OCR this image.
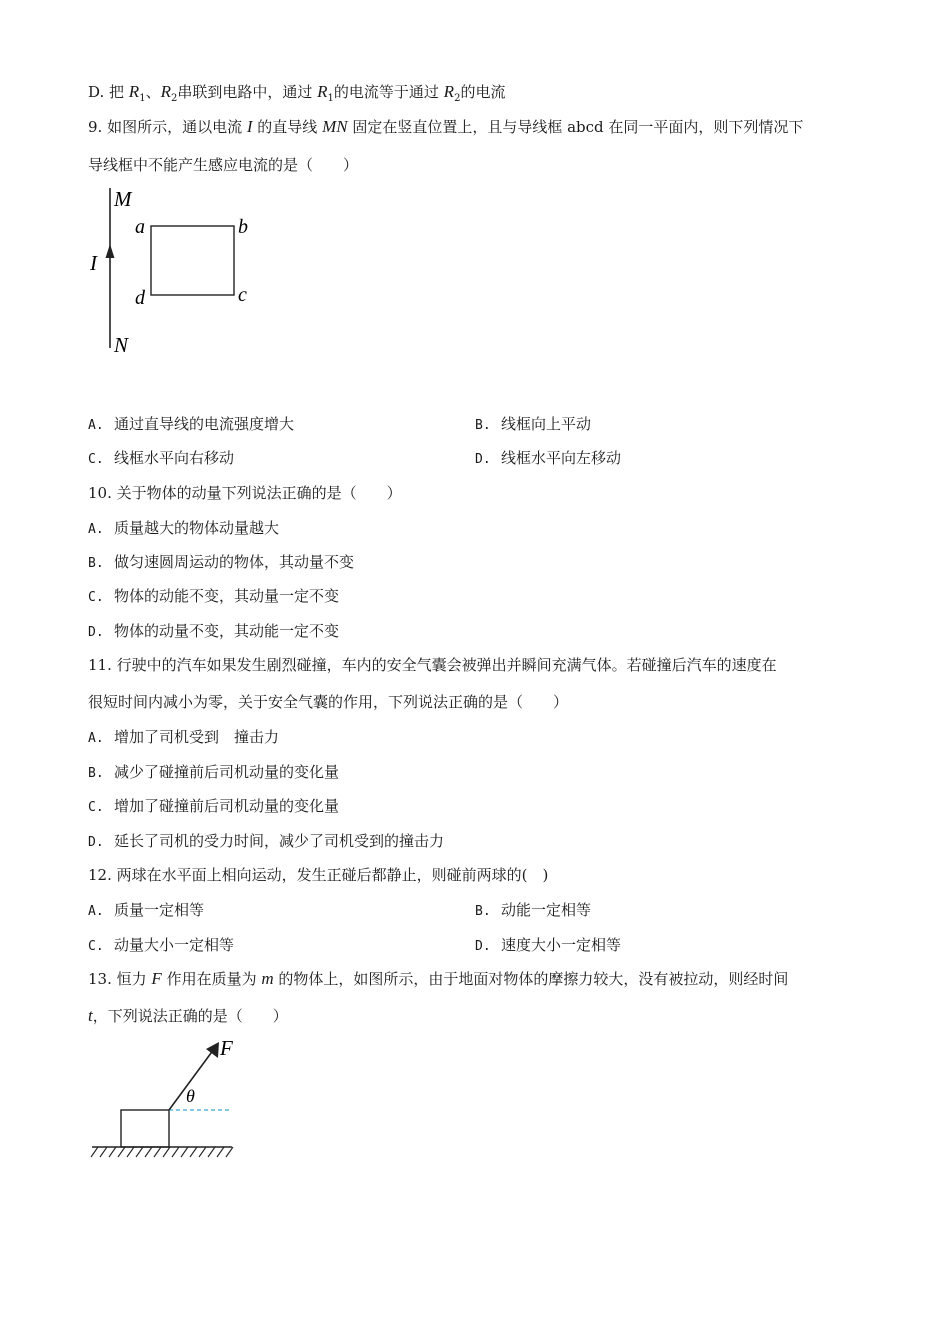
D. 把 $R_1$、$R_2$串联到电路中，通过 $R_1$的电流等于通过 $R_2$的电流
9. 如图所示，通以电流 I 的直导线 MN 固定在竖直位置上，且与导线框 abcd 在同一平面内，则下列情况下
导线框中不能产生感应电流的是（　　）
M
N
I
a	b
c
d
A. 通过直导线的电流强度增大	B. 线框向上平动
C. 线框水平向右移动	D. 线框水平向左移动
10. 关于物体的动量下列说法正确的是（　　）
A. 质量越大的物体动量越大
B. 做匀速圆周运动的物体，其动量不变
C. 物体的动能不变，其动量一定不变
D. 物体的动量不变，其动能一定不变
11. 行驶中的汽车如果发生剧烈碰撞，车内的安全气囊会被弹出并瞬间充满气体。若碰撞后汽车的速度在
很短时间内减小为零，关于安全气囊的作用，下列说法正确的是（　　）
A. 增加了司机受到　撞击力
B. 减少了碰撞前后司机动量的变化量
C. 增加了碰撞前后司机动量的变化量
D. 延长了司机的受力时间，减少了司机受到的撞击力
12. 两球在水平面上相向运动，发生正碰后都静止，则碰前两球的(　)
A. 质量一定相等	B. 动能一定相等
C. 动量大小一定相等	D. 速度大小一定相等
13. 恒力 F 作用在质量为 m 的物体上，如图所示，由于地面对物体的摩擦力较大，没有被拉动，则经时间
t，下列说法正确的是（　　）
F
θ
